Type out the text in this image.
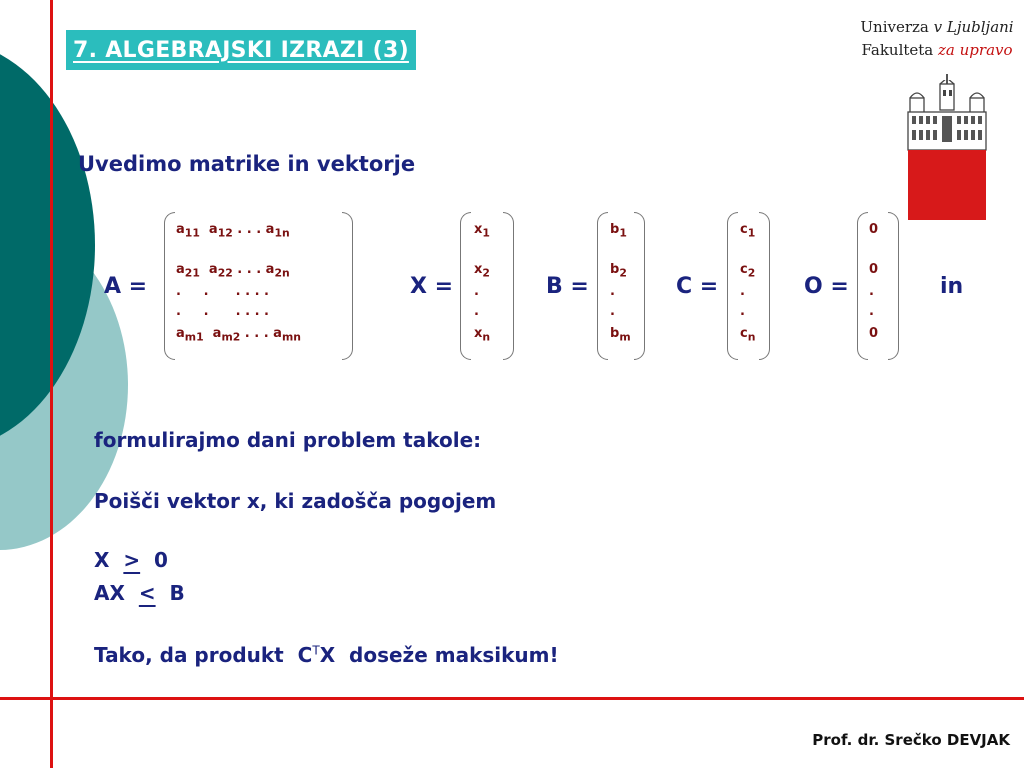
7. ALGEBRAJSKI IZRAZI (3)
Univerza v Ljubljani
Fakulteta za upravo
Uvedimo matrike in vektorje
A =
$a_{11}$  $a_{12}$ . . . $a_{1n}$
$a_{21}$  $a_{22}$ . . . $a_{2n}$
.     .      . . . .
.     .      . . . .
$a_{m1}$  $a_{m2}$ . . . $a_{mn}$
X =
$x_1$
$x_2$
.
.
$x_n$
B =
$b_1$
$b_2$
.
.
$b_m$
C =
$c_1$
$c_2$
.
.
$c_n$
O =
0
0
.
.
0
in
formulirajmo dani problem takole:
Poišči vektor x, ki zadošča pogojem
X  >  0
AX  <  B
Tako, da produkt  $C^TX$  doseže maksikum!
Prof. dr. Srečko DEVJAK
